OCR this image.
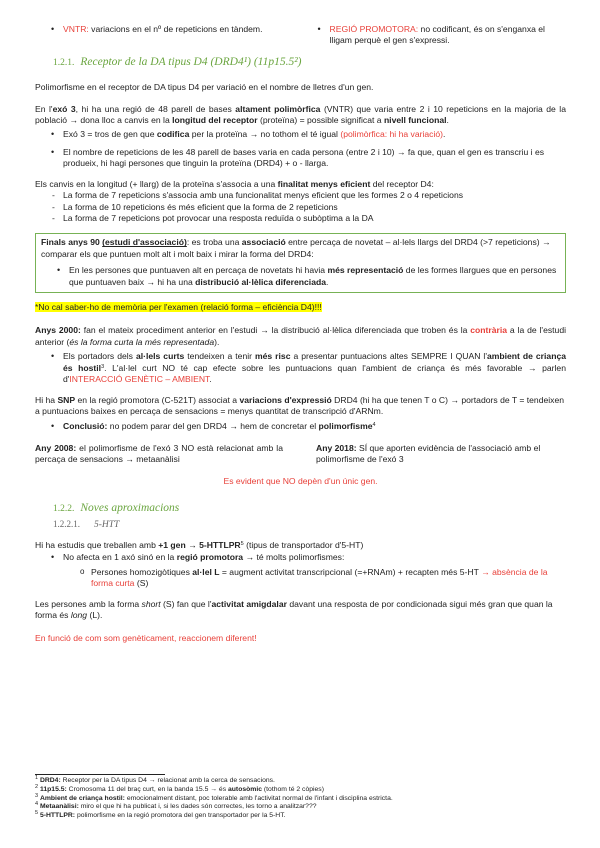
• VNTR: variacions en el nº de repeticions en tàndem.
•	REGIÓ PROMOTORA: no codificant, és on s'enganxa el lligam perquè el gen s'expressi.
1.2.1. Receptor de la DA tipus D4 (DRD4¹) (11p15.5²)

Polimorfisme en el receptor de DA tipus D4 per variació en el nombre de lletres d'un gen.

En l'exó 3, hi ha una regió de 48 parell de bases altament polimòrfica (VNTR) que varia entre 2 i 10 repeticions en la majoria de la població → dona lloc a canvis en la longitud del receptor (proteïna) = possible significat a nivell funcional.

• Exó 3 = tros de gen que codifica per la proteïna → no tothom el té igual (polimòrfica: hi ha variació).
• El nombre de repeticions de les 48 parell de bases varia en cada persona (entre 2 i 10) → fa que, quan el gen es transcriu i es produeix, hi hagi persones que tinguin la proteïna (DRD4) + o - llarga.

Els canvis en la longitud (+ llarg) de la proteïna s'associa a una finalitat menys eficient del receptor D4:

- La forma de 7 repeticions s'associa amb una funcionalitat menys eficient que les formes 2 o 4 repeticions
- La forma de 10 repeticions és més eficient que la forma de 2 repeticions
- La forma de 7 repeticions pot provocar una resposta reduïda o subòptima a la DA
Finals anys 90 (estudi d'associació): es troba una associació entre percaça de novetat – al·lels llargs del DRD4 (>7 repeticions) → comparar els que puntuen molt alt i molt baix i mirar la forma del DRD4:
• En les persones que puntuaven alt en percaça de novetats hi havia més representació de les formes llargues que en persones que puntuaven baix → hi ha una distribució al·lèlica diferenciada.

*No cal saber-ho de memòria per l'examen (relació forma – eficiència D4)!!!

Anys 2000: fan el mateix procediment anterior en l'estudi → la distribució al·lèlica diferenciada que troben és la contrària a la de l'estudi anterior (és la forma curta la més representada).

• Els portadors dels al·lels curts tendeixen a tenir més risc a presentar puntuacions altes SEMPRE I QUAN l'ambient de criança és hostil$^3$. L'al·lel curt NO té cap efecte sobre les puntuacions quan l'ambient de criança és més favorable → parlen d'INTERACCIÓ GENÈTIC – AMBIENT.

Hi ha SNP en la regió promotora (C-521T) associat a variacions d'expressió DRD4 (hi ha que tenen T o C) → portadors de T = tendeixen a puntuacions baixes en percaça de sensacions = menys quantitat de transcripció d'ARNm.

• Conclusió: no podem parar del gen DRD4 → hem de concretar el polimorfisme$^4$
Any 2008: el polimorfisme de l'exó 3 NO està relacionat amb la percaça de sensacions → metaanàlisi
Any 2018: SÍ que aporten evidència de l'associació amb el polimorfisme de l'exó 3

Es evident que NO depèn d'un únic gen.

1.2.2. Noves aproximacions
1.2.2.1. 5-HTT

Hi ha estudis que treballen amb +1 gen → $5-HTTLPR^5$ (tipus de transportador d'5-HT)

• No afecta en 1 axó sinó en la regió promotora → té molts polimorfismes:
o Persones homozigòtiques al·lel L = augment activitat transcripcional (=+RNAm) + recapten més 5-HT → absència de la forma curta (S)

Les persones amb la forma short (S) fan que l'activitat amigdalar davant una resposta de por condicionada sigui més gran que quan la forma és long (L).

En funció de com som genèticament, reaccionem diferent!

$^1$ DRD4: Receptor per la DA tipus D4 → relacionat amb la cerca de sensacions.
$^2$ 11p15.5: Cromosoma 11 del braç curt, en la banda 15.5 → és autosòmic (tothom té 2 còpies)
$^3$ Ambient de criança hostil: emocionalment distant, poc tolerable amb l'activitat normal de l'infant i disciplina estricta.
$^4$ Metaanàlisi: miro el que hi ha publicat i, si les dades són correctes, les torno a analitzar???
$^5$ 5-HTTLPR: polimorfisme en la regió promotora del gen transportador per la 5-HT.
